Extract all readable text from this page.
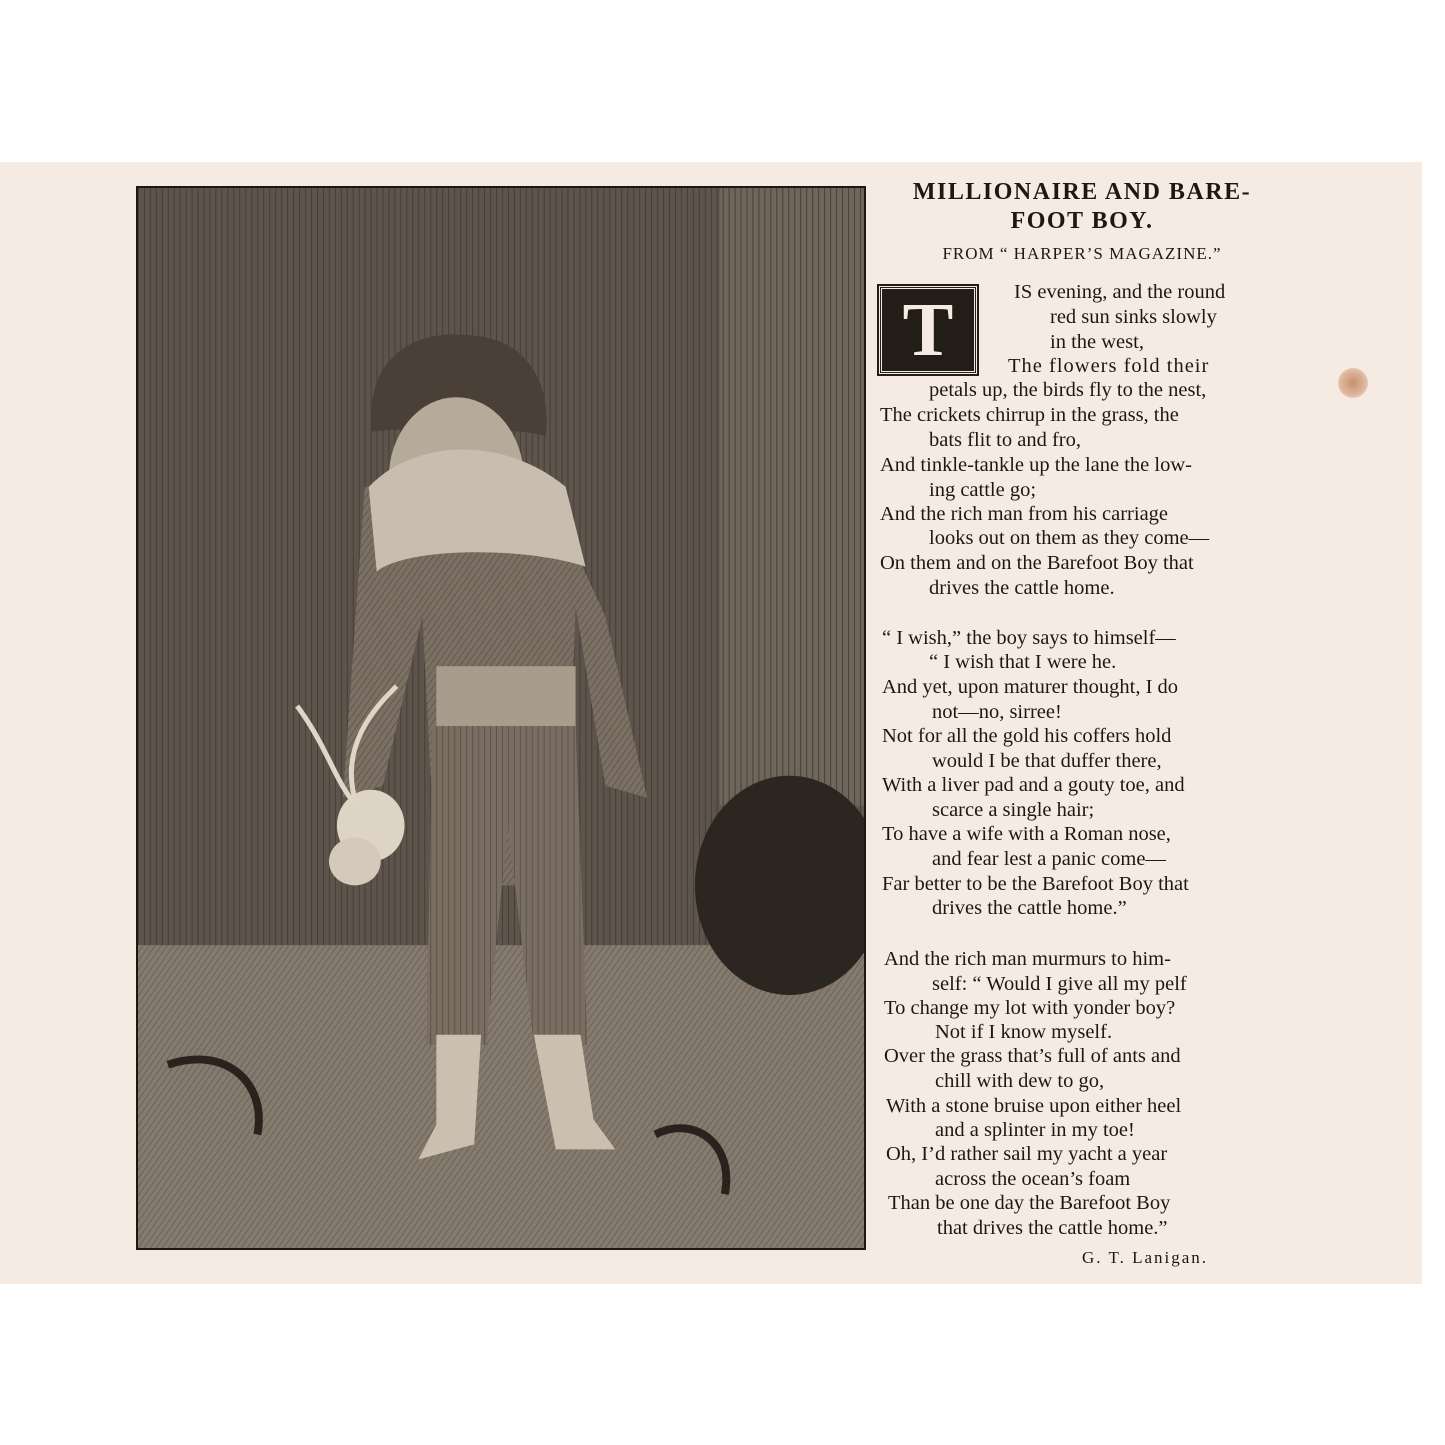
MILLIONAIRE AND BARE-
FOOT BOY.
FROM “ HARPER’S MAGAZINE.”
T	IS evening, and the round
red sun sinks slowly
in the west,
The flowers fold their
petals up, the birds fly to the nest,
The crickets chirrup in the grass, the
bats flit to and fro,
And tinkle-tankle up the lane the low-
ing cattle go;
And the rich man from his carriage
looks out on them as they come—
On them and on the Barefoot Boy that
drives the cattle home.
“ I wish,” the boy says to himself—
“ I wish that I were he.
And yet, upon maturer thought, I do
not—no, sirree!
Not for all the gold his coffers hold
would I be that duffer there,
With a liver pad and a gouty toe, and
scarce a single hair;
To have a wife with a Roman nose,
and fear lest a panic come—
Far better to be the Barefoot Boy that
drives the cattle home.”
And the rich man murmurs to him-
self: “ Would I give all my pelf
To change my lot with yonder boy?
Not if I know myself.
Over the grass that’s full of ants and
chill with dew to go,
With a stone bruise upon either heel
and a splinter in my toe!
Oh, I’d rather sail my yacht a year
across the ocean’s foam
Than be one day the Barefoot Boy
that drives the cattle home.”
G. T. Lanigan.
